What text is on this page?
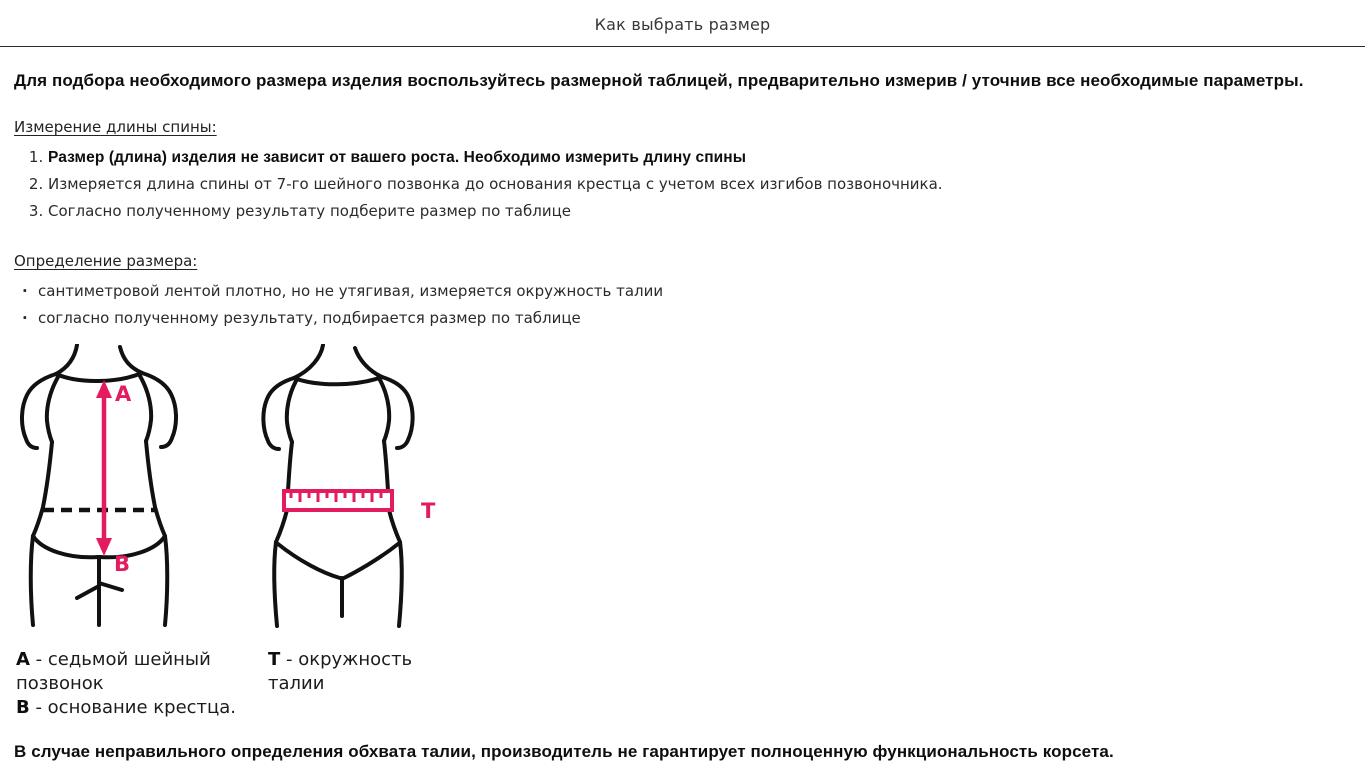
Как выбрать размер

Для подбора необходимого размера изделия воспользуйтесь размерной таблицей, предварительно измерив / уточнив все необходимые параметры.

Измерение длины спины:

1. Размер (длина) изделия не зависит от вашего роста. Необходимо измерить длину спины
2. Измеряется длина спины от 7-го шейного позвонка до основания крестца с учетом всех изгибов позвоночника.
3. Согласно полученному результату подберите размер по таблице

Определение размера:

· сантиметровой лентой плотно, но не утягивая, измеряется окружность талии
· согласно полученному результату, подбирается размер по таблице
А
В
Т
А - седьмой шейный позвонок
В - основание крестца.
Т - окружность талии

В случае неправильного определения обхвата талии, производитель не гарантирует полноценную функциональность корсета.
